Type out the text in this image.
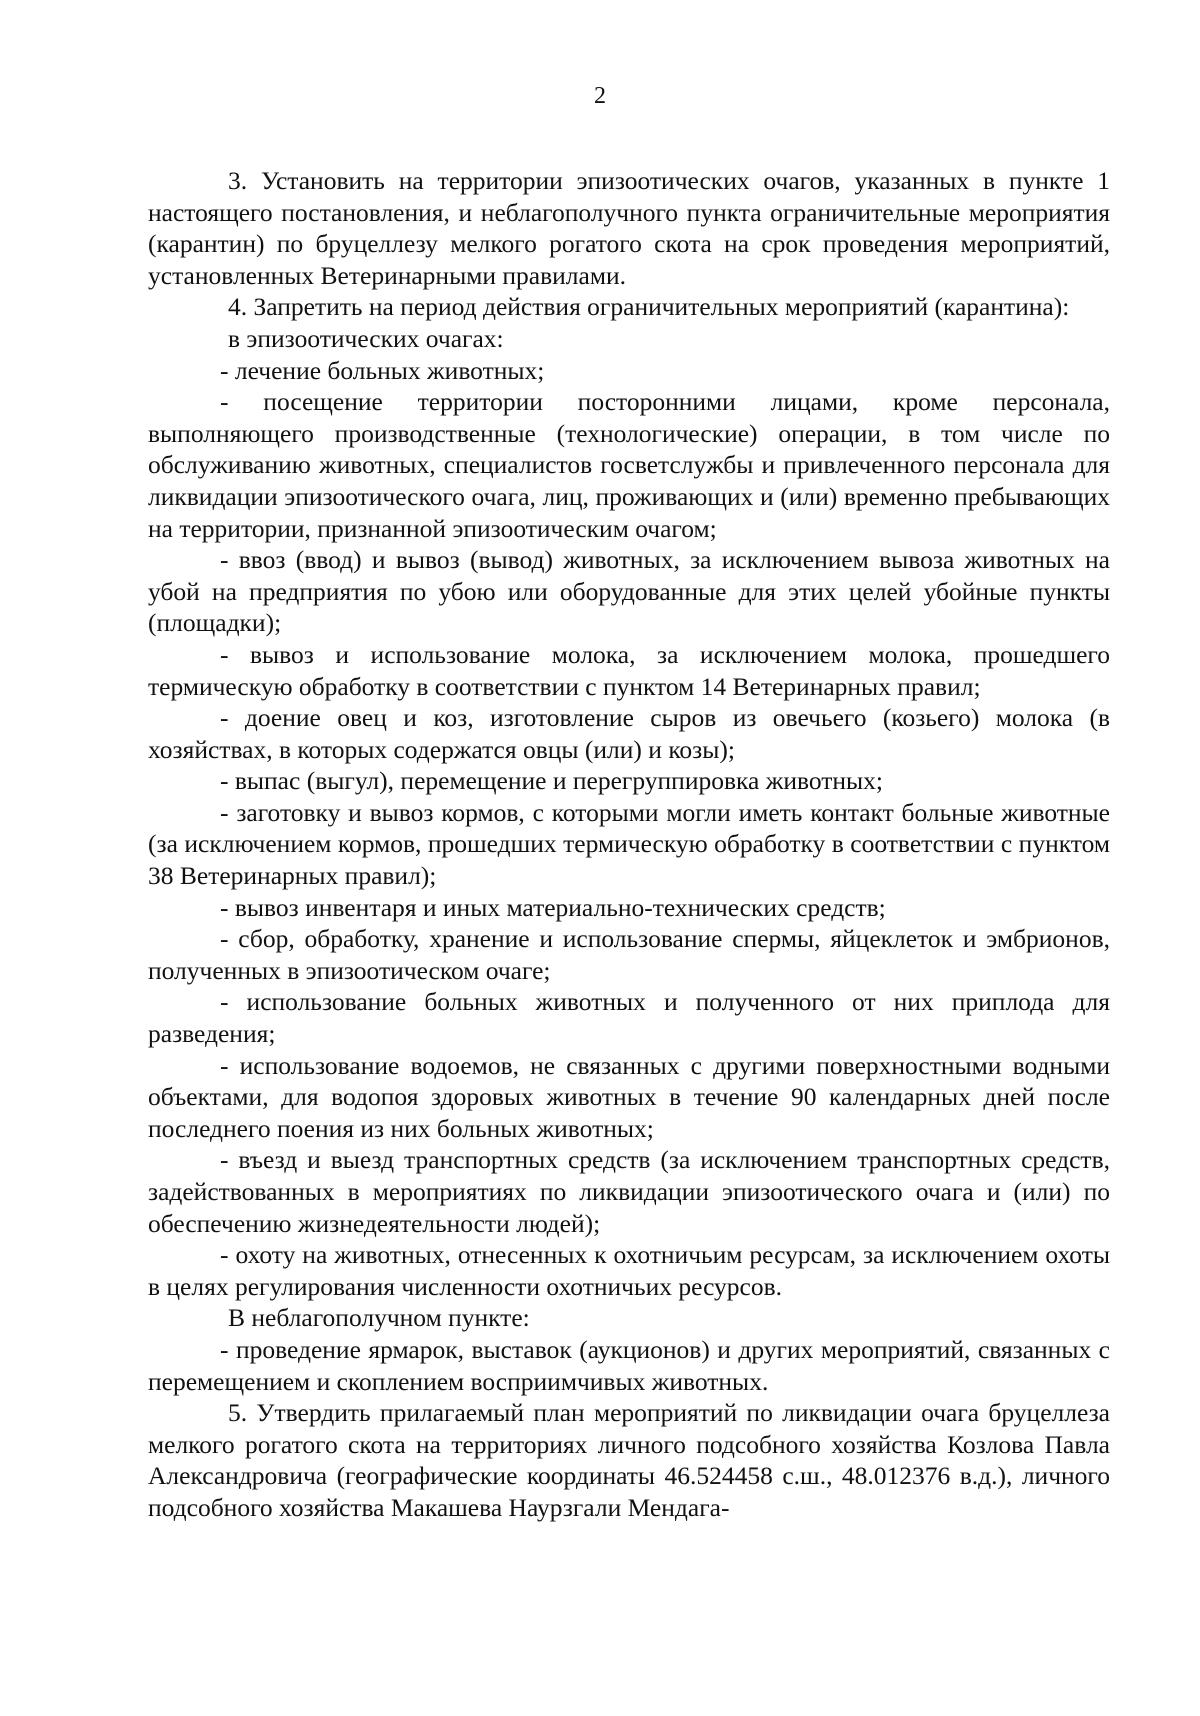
2

3. Установить на территории эпизоотических очагов, указанных в пункте 1 настоящего постановления, и неблагополучного пункта ограничительные мероприятия (карантин) по бруцеллезу мелкого рогатого скота на срок проведения мероприятий, установленных Ветеринарными правилами.

4. Запретить на период действия ограничительных мероприятий (карантина):

в эпизоотических очагах:

- лечение больных животных;

- посещение территории посторонними лицами, кроме персонала, выполняющего производственные (технологические) операции, в том числе по обслуживанию животных, специалистов госветслужбы и привлеченного персонала для ликвидации эпизоотического очага, лиц, проживающих и (или) временно пребывающих на территории, признанной эпизоотическим очагом;

- ввоз (ввод) и вывоз (вывод) животных, за исключением вывоза животных на убой на предприятия по убою или оборудованные для этих целей убойные пункты (площадки);

- вывоз и использование молока, за исключением молока, прошедшего термическую обработку в соответствии с пунктом 14 Ветеринарных правил;

- доение овец и коз, изготовление сыров из овечьего (козьего) молока (в хозяйствах, в которых содержатся овцы (или) и козы);

- выпас (выгул), перемещение и перегруппировка животных;

- заготовку и вывоз кормов, с которыми могли иметь контакт больные животные (за исключением кормов, прошедших термическую обработку в соответствии с пунктом 38 Ветеринарных правил);

- вывоз инвентаря и иных материально-технических средств;

- сбор, обработку, хранение и использование спермы, яйцеклеток и эмбрионов, полученных в эпизоотическом очаге;

- использование больных животных и полученного от них приплода для разведения;

- использование водоемов, не связанных с другими поверхностными водными объектами, для водопоя здоровых животных в течение 90 календарных дней после последнего поения из них больных животных;

- въезд и выезд транспортных средств (за исключением транспортных средств, задействованных в мероприятиях по ликвидации эпизоотического очага и (или) по обеспечению жизнедеятельности людей);

- охоту на животных, отнесенных к охотничьим ресурсам, за исключением охоты в целях регулирования численности охотничьих ресурсов.

В неблагополучном пункте:

- проведение ярмарок, выставок (аукционов) и других мероприятий, связанных с перемещением и скоплением восприимчивых животных.

5. Утвердить прилагаемый план мероприятий по ликвидации очага бруцеллеза мелкого рогатого скота на территориях личного подсобного хозяйства Козлова Павла Александровича (географические координаты 46.524458 с.ш., 48.012376 в.д.), личного подсобного хозяйства Макашева Наурзгали Мендага-
